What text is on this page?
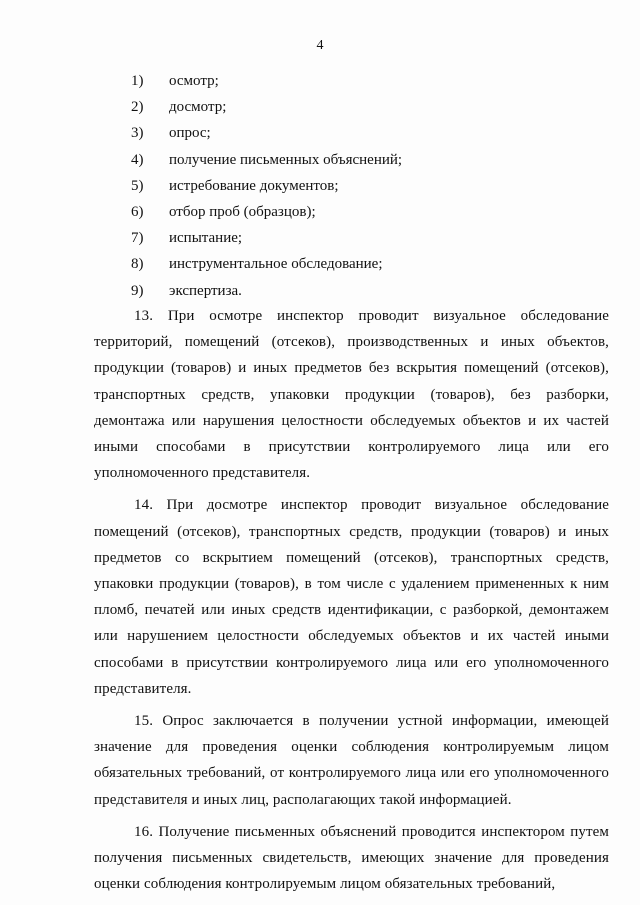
4
1) осмотр;
2) досмотр;
3) опрос;
4) получение письменных объяснений;
5) истребование документов;
6) отбор проб (образцов);
7) испытание;
8) инструментальное обследование;
9) экспертиза.

13. При осмотре инспектор проводит визуальное обследование территорий, помещений (отсеков), производственных и иных объектов, продукции (товаров) и иных предметов без вскрытия помещений (отсеков), транспортных средств, упаковки продукции (товаров), без разборки, демонтажа или нарушения целостности обследуемых объектов и их частей иными способами в присутствии контролируемого лица или его уполномоченного представителя.

14. При досмотре инспектор проводит визуальное обследование помещений (отсеков), транспортных средств, продукции (товаров) и иных предметов со вскрытием помещений (отсеков), транспортных средств, упаковки продукции (товаров), в том числе с удалением примененных к ним пломб, печатей или иных средств идентификации, с разборкой, демонтажем или нарушением целостности обследуемых объектов и их частей иными способами в присутствии контролируемого лица или его уполномоченного представителя.

15. Опрос заключается в получении устной информации, имеющей значение для проведения оценки соблюдения контролируемым лицом обязательных требований, от контролируемого лица или его уполномоченного представителя и иных лиц, располагающих такой информацией.

16. Получение письменных объяснений проводится инспектором путем получения письменных свидетельств, имеющих значение для проведения оценки соблюдения контролируемым лицом обязательных требований,
